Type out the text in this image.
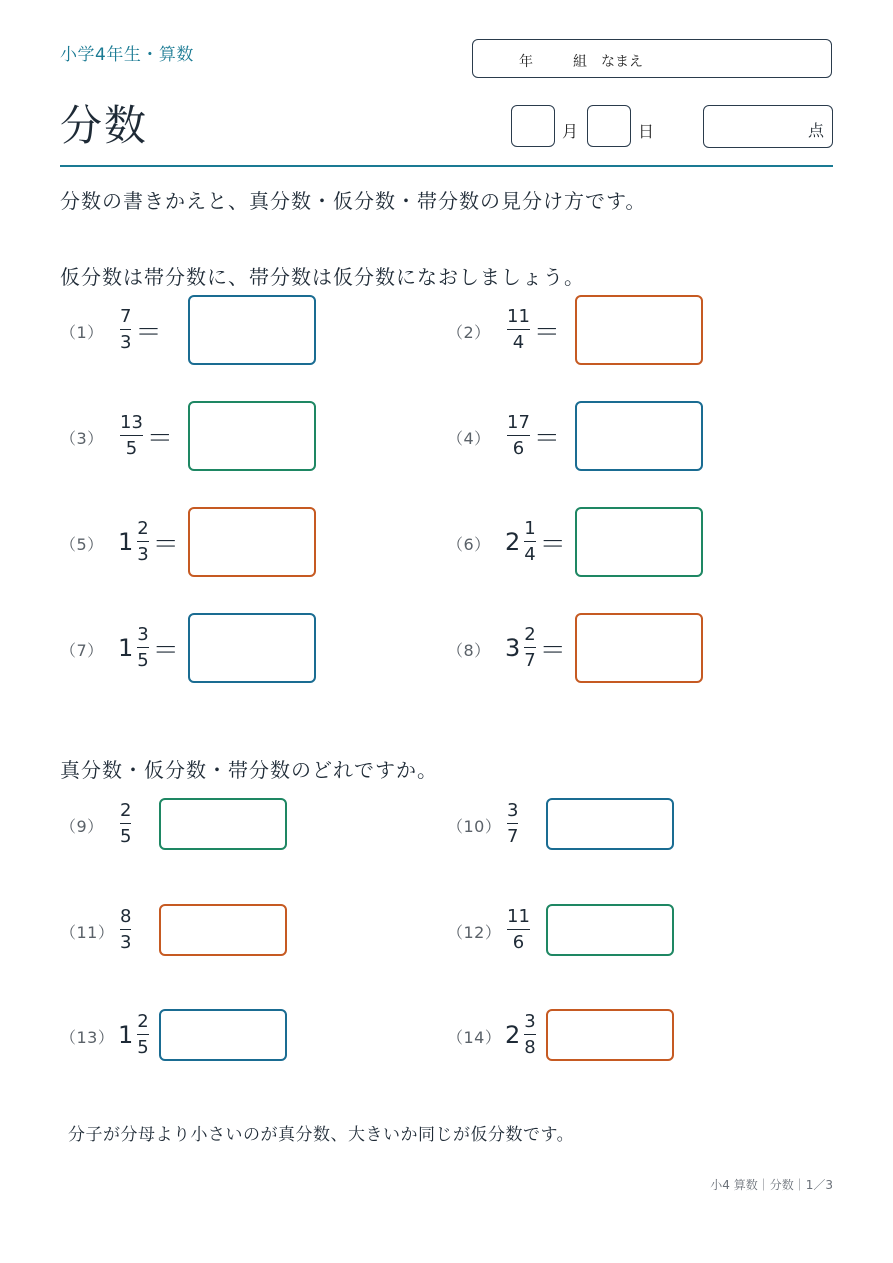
小学4年生・算数	年	組 なまえ
分数	月	日	点
分数の書きかえと、真分数・仮分数・帯分数の見分け方です。
仮分数は帯分数に、帯分数は仮分数になおしましょう。
真分数・仮分数・帯分数のどれですか。
$(1) \frac{7}{3}$ ＝	$(2) \frac{11}{4}$ ＝
$(3) \frac{13}{5}$ ＝	$(4) \frac{17}{6}$ ＝
（5） $1 \frac{2}{3}$ ＝	（6） $2 \frac{1}{4}$ ＝
（7） $1 \frac{3}{5}$ ＝	（8） $3 \frac{2}{7}$ ＝
$(9) \frac{2}{5}$	$(10) \frac{3}{7}$
$(11) \frac{8}{3}$	$(12) \frac{11}{6}$
（13） $1 \frac{2}{5}$	（14） $2 \frac{3}{8}$
分子が分母より小さいのが真分数、大きいか同じが仮分数です。
小4 算数｜分数｜1／3
